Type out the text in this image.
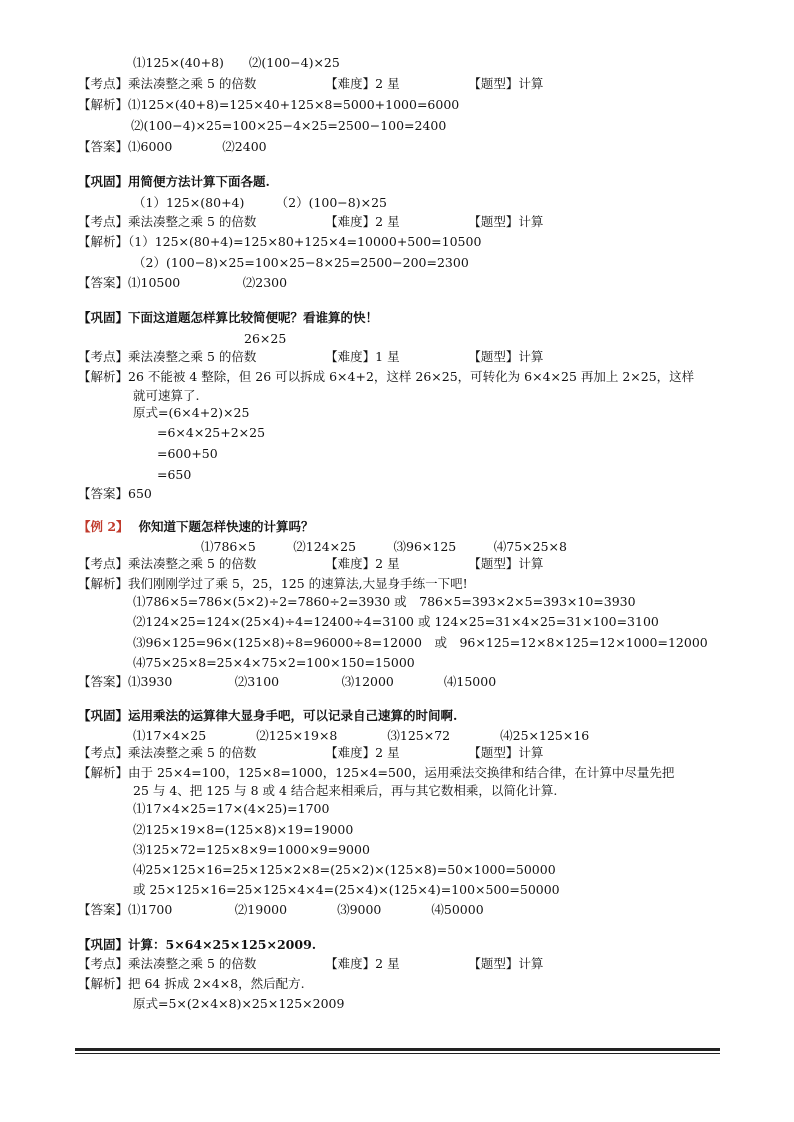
⑴125×(40+8)　　⑵(100−4)×25
【考点】乘法凑整之乘 5 的倍数　　　　　　【难度】2 星　　　　　　【题型】计算
【解析】⑴125×(40+8)=125×40+125×8=5000+1000=6000
⑵(100−4)×25=100×25−4×25=2500−100=2400
【答案】⑴6000　　　　⑵2400
【巩固】用简便方法计算下面各题.
（1）125×(80+4)　　　（2）(100−8)×25
【考点】乘法凑整之乘 5 的倍数　　　　　　【难度】2 星　　　　　　【题型】计算
【解析】（1）125×(80+4)=125×80+125×4=10000+500=10500
（2）(100−8)×25=100×25−8×25=2500−200=2300
【答案】⑴10500　　　　　⑵2300
【巩固】下面这道题怎样算比较简便呢？看谁算的快！
26×25
【考点】乘法凑整之乘 5 的倍数　　　　　　【难度】1 星　　　　　　【题型】计算
【解析】26 不能被 4 整除，但 26 可以拆成 6×4+2，这样 26×25，可转化为 6×4×25 再加上 2×25，这样
就可速算了.
原式=(6×4+2)×25
=6×4×25+2×25
=600+50
=650
【答案】650
【例 2】 你知道下题怎样快速的计算吗？
⑴786×5　　　⑵124×25　　　⑶96×125　　　⑷75×25×8
【考点】乘法凑整之乘 5 的倍数　　　　　　【难度】2 星　　　　　　【题型】计算
【解析】我们刚刚学过了乘 5，25，125 的速算法,大显身手练一下吧!
⑴786×5=786×(5×2)÷2=7860÷2=3930 或　786×5=393×2×5=393×10=3930
⑵124×25=124×(25×4)÷4=12400÷4=3100 或 124×25=31×4×25=31×100=3100
⑶96×125=96×(125×8)÷8=96000÷8=12000　或　96×125=12×8×125=12×1000=12000
⑷75×25×8=25×4×75×2=100×150=15000
【答案】⑴3930　　　　　⑵3100　　　　　⑶12000　　　　⑷15000
【巩固】运用乘法的运算律大显身手吧，可以记录自己速算的时间啊.
⑴17×4×25　　　　⑵125×19×8　　　　⑶125×72　　　　⑷25×125×16
【考点】乘法凑整之乘 5 的倍数　　　　　　【难度】2 星　　　　　　【题型】计算
【解析】由于 25×4=100，125×8=1000，125×4=500，运用乘法交换律和结合律，在计算中尽量先把
25 与 4、把 125 与 8 或 4 结合起来相乘后，再与其它数相乘，以简化计算.
⑴17×4×25=17×(4×25)=1700
⑵125×19×8=(125×8)×19=19000
⑶125×72=125×8×9=1000×9=9000
⑷25×125×16=25×125×2×8=(25×2)×(125×8)=50×1000=50000
或 25×125×16=25×125×4×4=(25×4)×(125×4)=100×500=50000
【答案】⑴1700　　　　　⑵19000　　　　⑶9000　　　　⑷50000
【巩固】计算：5×64×25×125×2009.
【考点】乘法凑整之乘 5 的倍数　　　　　　【难度】2 星　　　　　　【题型】计算
【解析】把 64 拆成 2×4×8，然后配方.
原式=5×(2×4×8)×25×125×2009
